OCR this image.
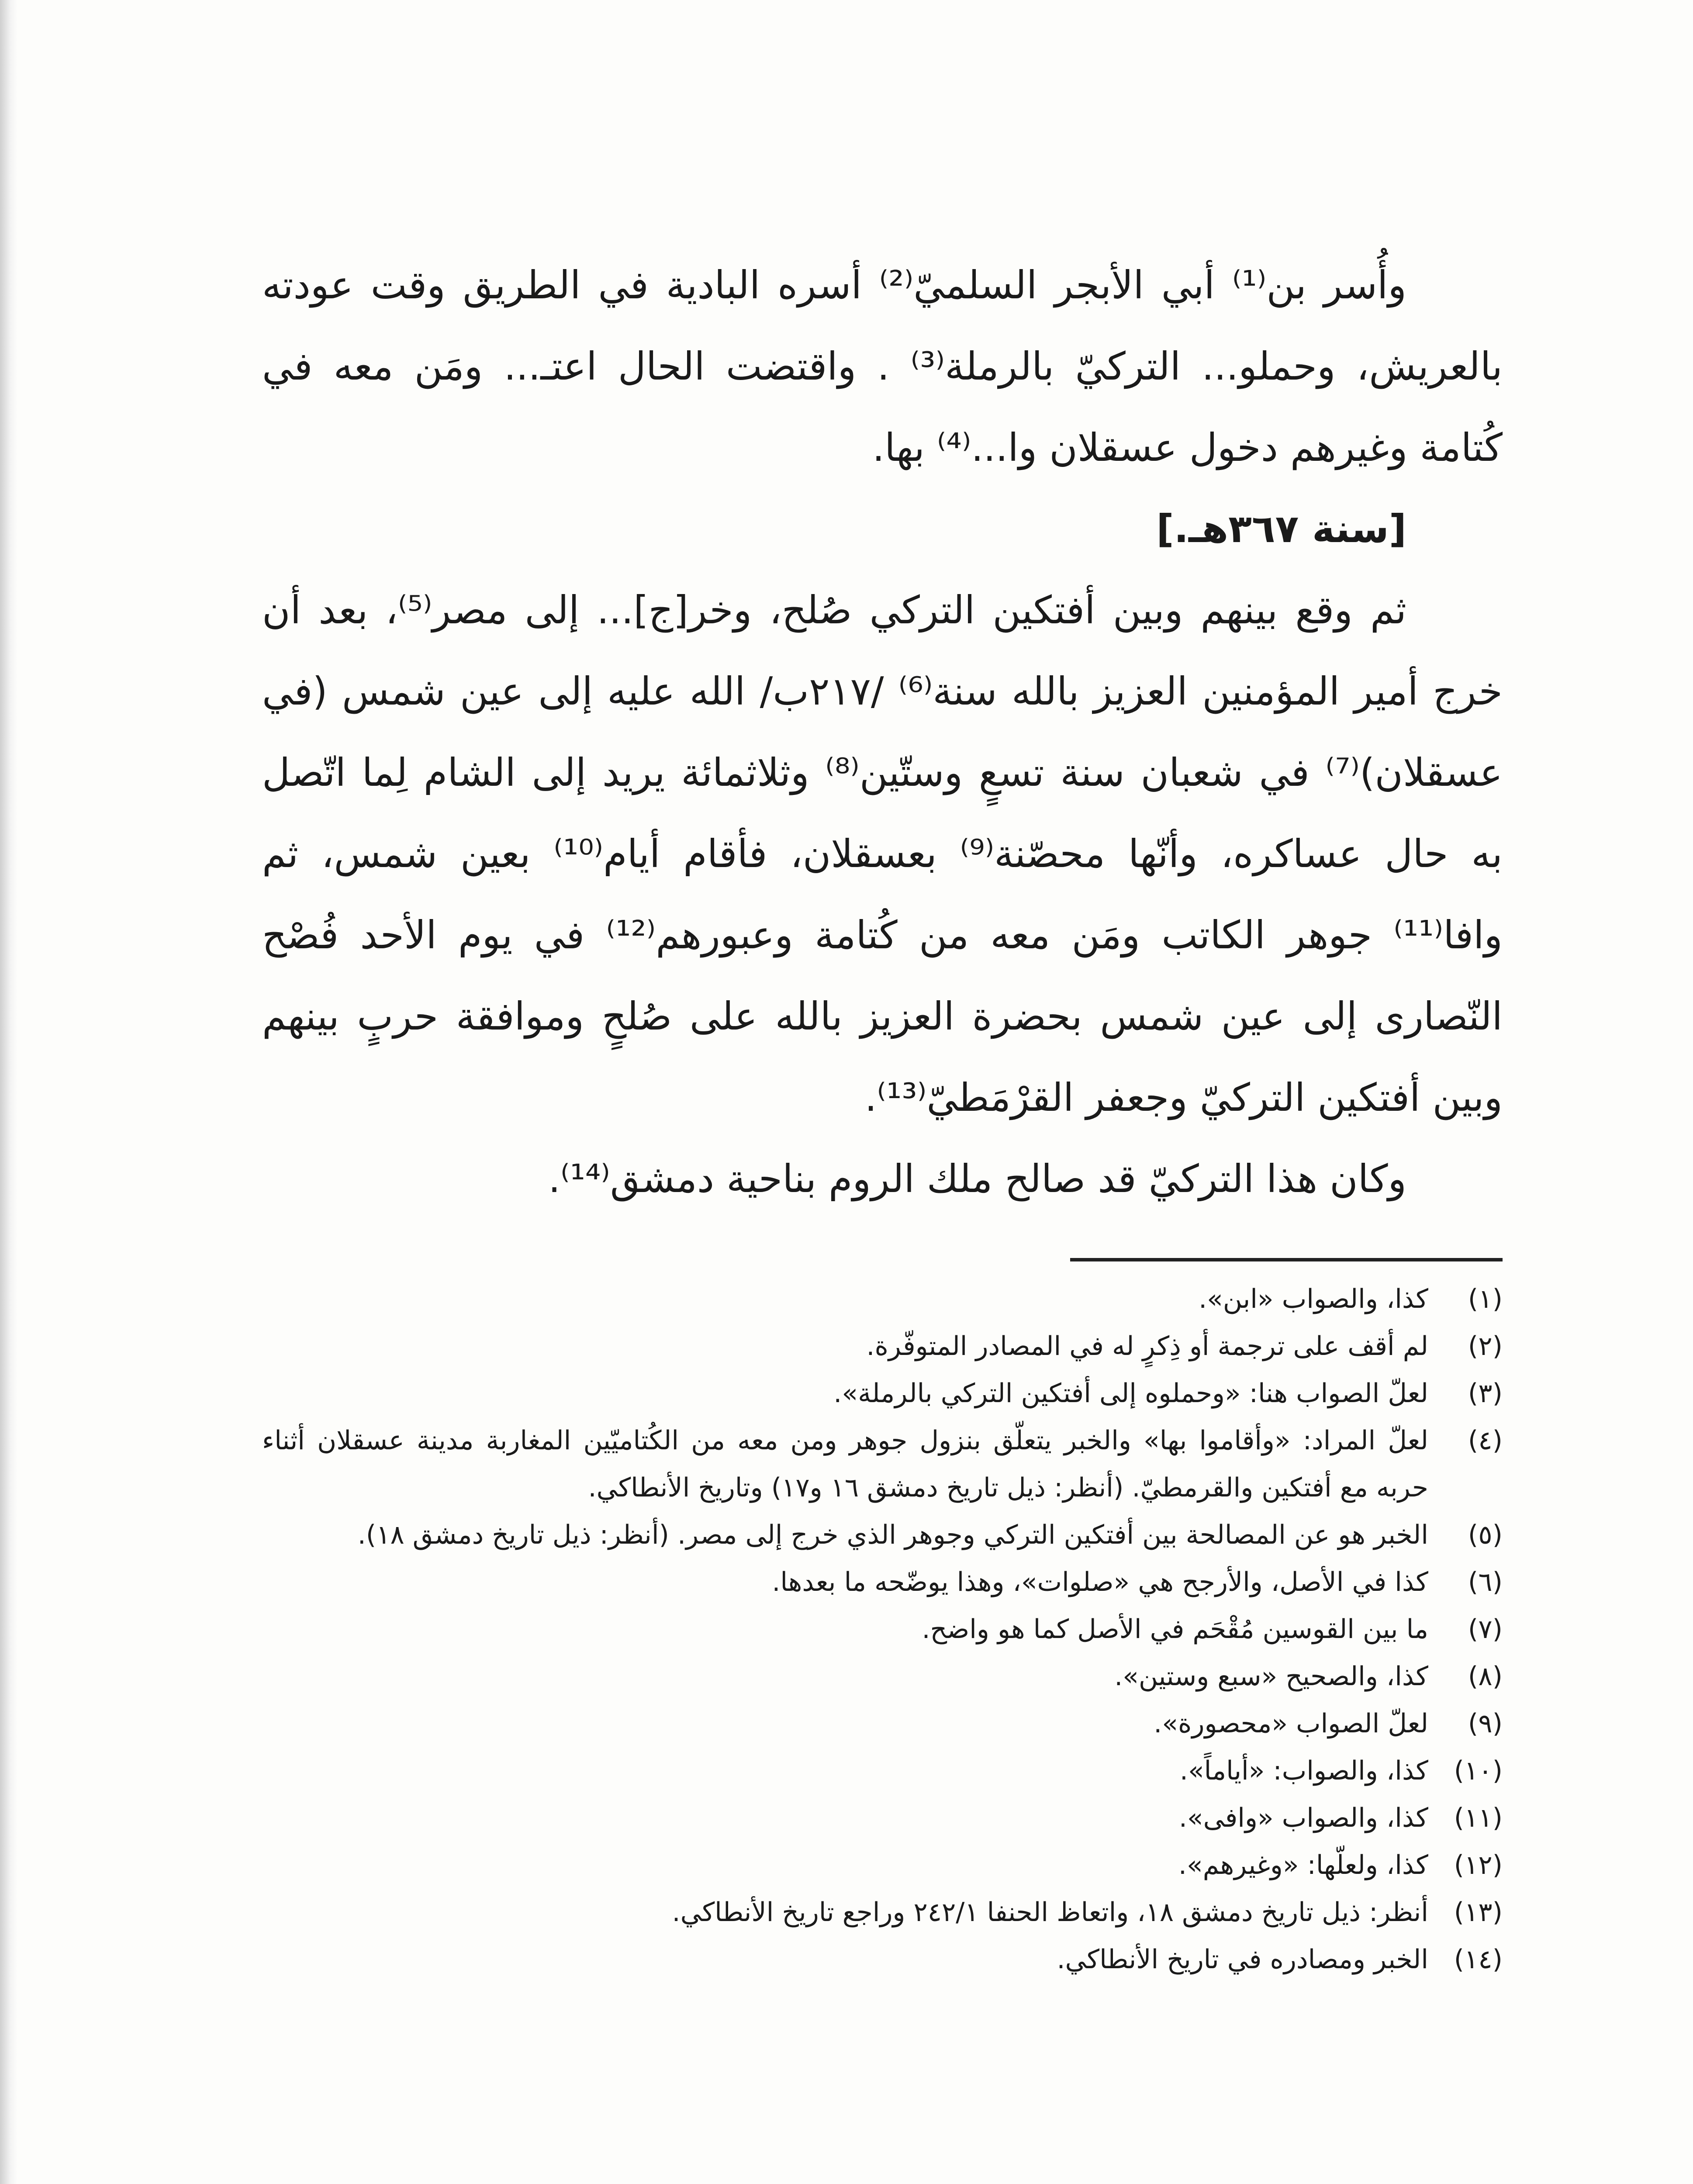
وأُسر بن⁽¹⁾ أبي الأبجر السلميّ⁽²⁾ أسره البادية في الطريق وقت عودته بالعريش، وحملو... التركيّ بالرملة⁽³⁾ . واقتضت الحال اعتـ... ومَن معه في كُتامة وغيرهم دخول عسقلان وا...⁽⁴⁾ بها.

[سنة ٣٦٧هـ.]

ثم وقع بينهم وبين أفتكين التركي صُلح، وخر[ج]... إلى مصر⁽⁵⁾، بعد أن خرج أمير المؤمنين العزيز بالله سنة⁽⁶⁾ /٢١٧ب/ الله عليه إلى عين شمس (في عسقلان)⁽⁷⁾ في شعبان سنة تسعٍ وستّين⁽⁸⁾ وثلاثمائة يريد إلى الشام لِما اتّصل به حال عساكره، وأنّها محصّنة⁽⁹⁾ بعسقلان، فأقام أيام⁽¹⁰⁾ بعين شمس، ثم وافا⁽¹¹⁾ جوهر الكاتب ومَن معه من كُتامة وعبورهم⁽¹²⁾ في يوم الأحد فُصْح النّصارى إلى عين شمس بحضرة العزيز بالله على صُلحٍ وموافقة حربٍ بينهم وبين أفتكين التركيّ وجعفر القرْمَطيّ⁽¹³⁾.

وكان هذا التركيّ قد صالح ملك الروم بناحية دمشق⁽¹⁴⁾.

(١)
كذا، والصواب «ابن».
(٢)
لم أقف على ترجمة أو ذِكرٍ له في المصادر المتوفّرة.
(٣)
لعلّ الصواب هنا: «وحملوه إلى أفتكين التركي بالرملة».
(٤)
لعلّ المراد: «وأقاموا بها» والخبر يتعلّق بنزول جوهر ومن معه من الكُتاميّين المغاربة مدينة عسقلان أثناء حربه مع أفتكين والقرمطيّ. (أنظر: ذيل تاريخ دمشق ١٦ و١٧) وتاريخ الأنطاكي.
(٥)
الخبر هو عن المصالحة بين أفتكين التركي وجوهر الذي خرج إلى مصر. (أنظر: ذيل تاريخ دمشق ١٨).
(٦)
كذا في الأصل، والأرجح هي «صلوات»، وهذا يوضّحه ما بعدها.
(٧)
ما بين القوسين مُقْحَم في الأصل كما هو واضح.
(٨)
كذا، والصحيح «سبع وستين».
(٩)
لعلّ الصواب «محصورة».
(١٠)
كذا، والصواب: «أياماً».
(١١)
كذا، والصواب «وافى».
(١٢)
كذا، ولعلّها: «وغيرهم».
(١٣)
أنظر: ذيل تاريخ دمشق ١٨، واتعاظ الحنفا ٢٤٢/١ وراجع تاريخ الأنطاكي.
(١٤)
الخبر ومصادره في تاريخ الأنطاكي.
